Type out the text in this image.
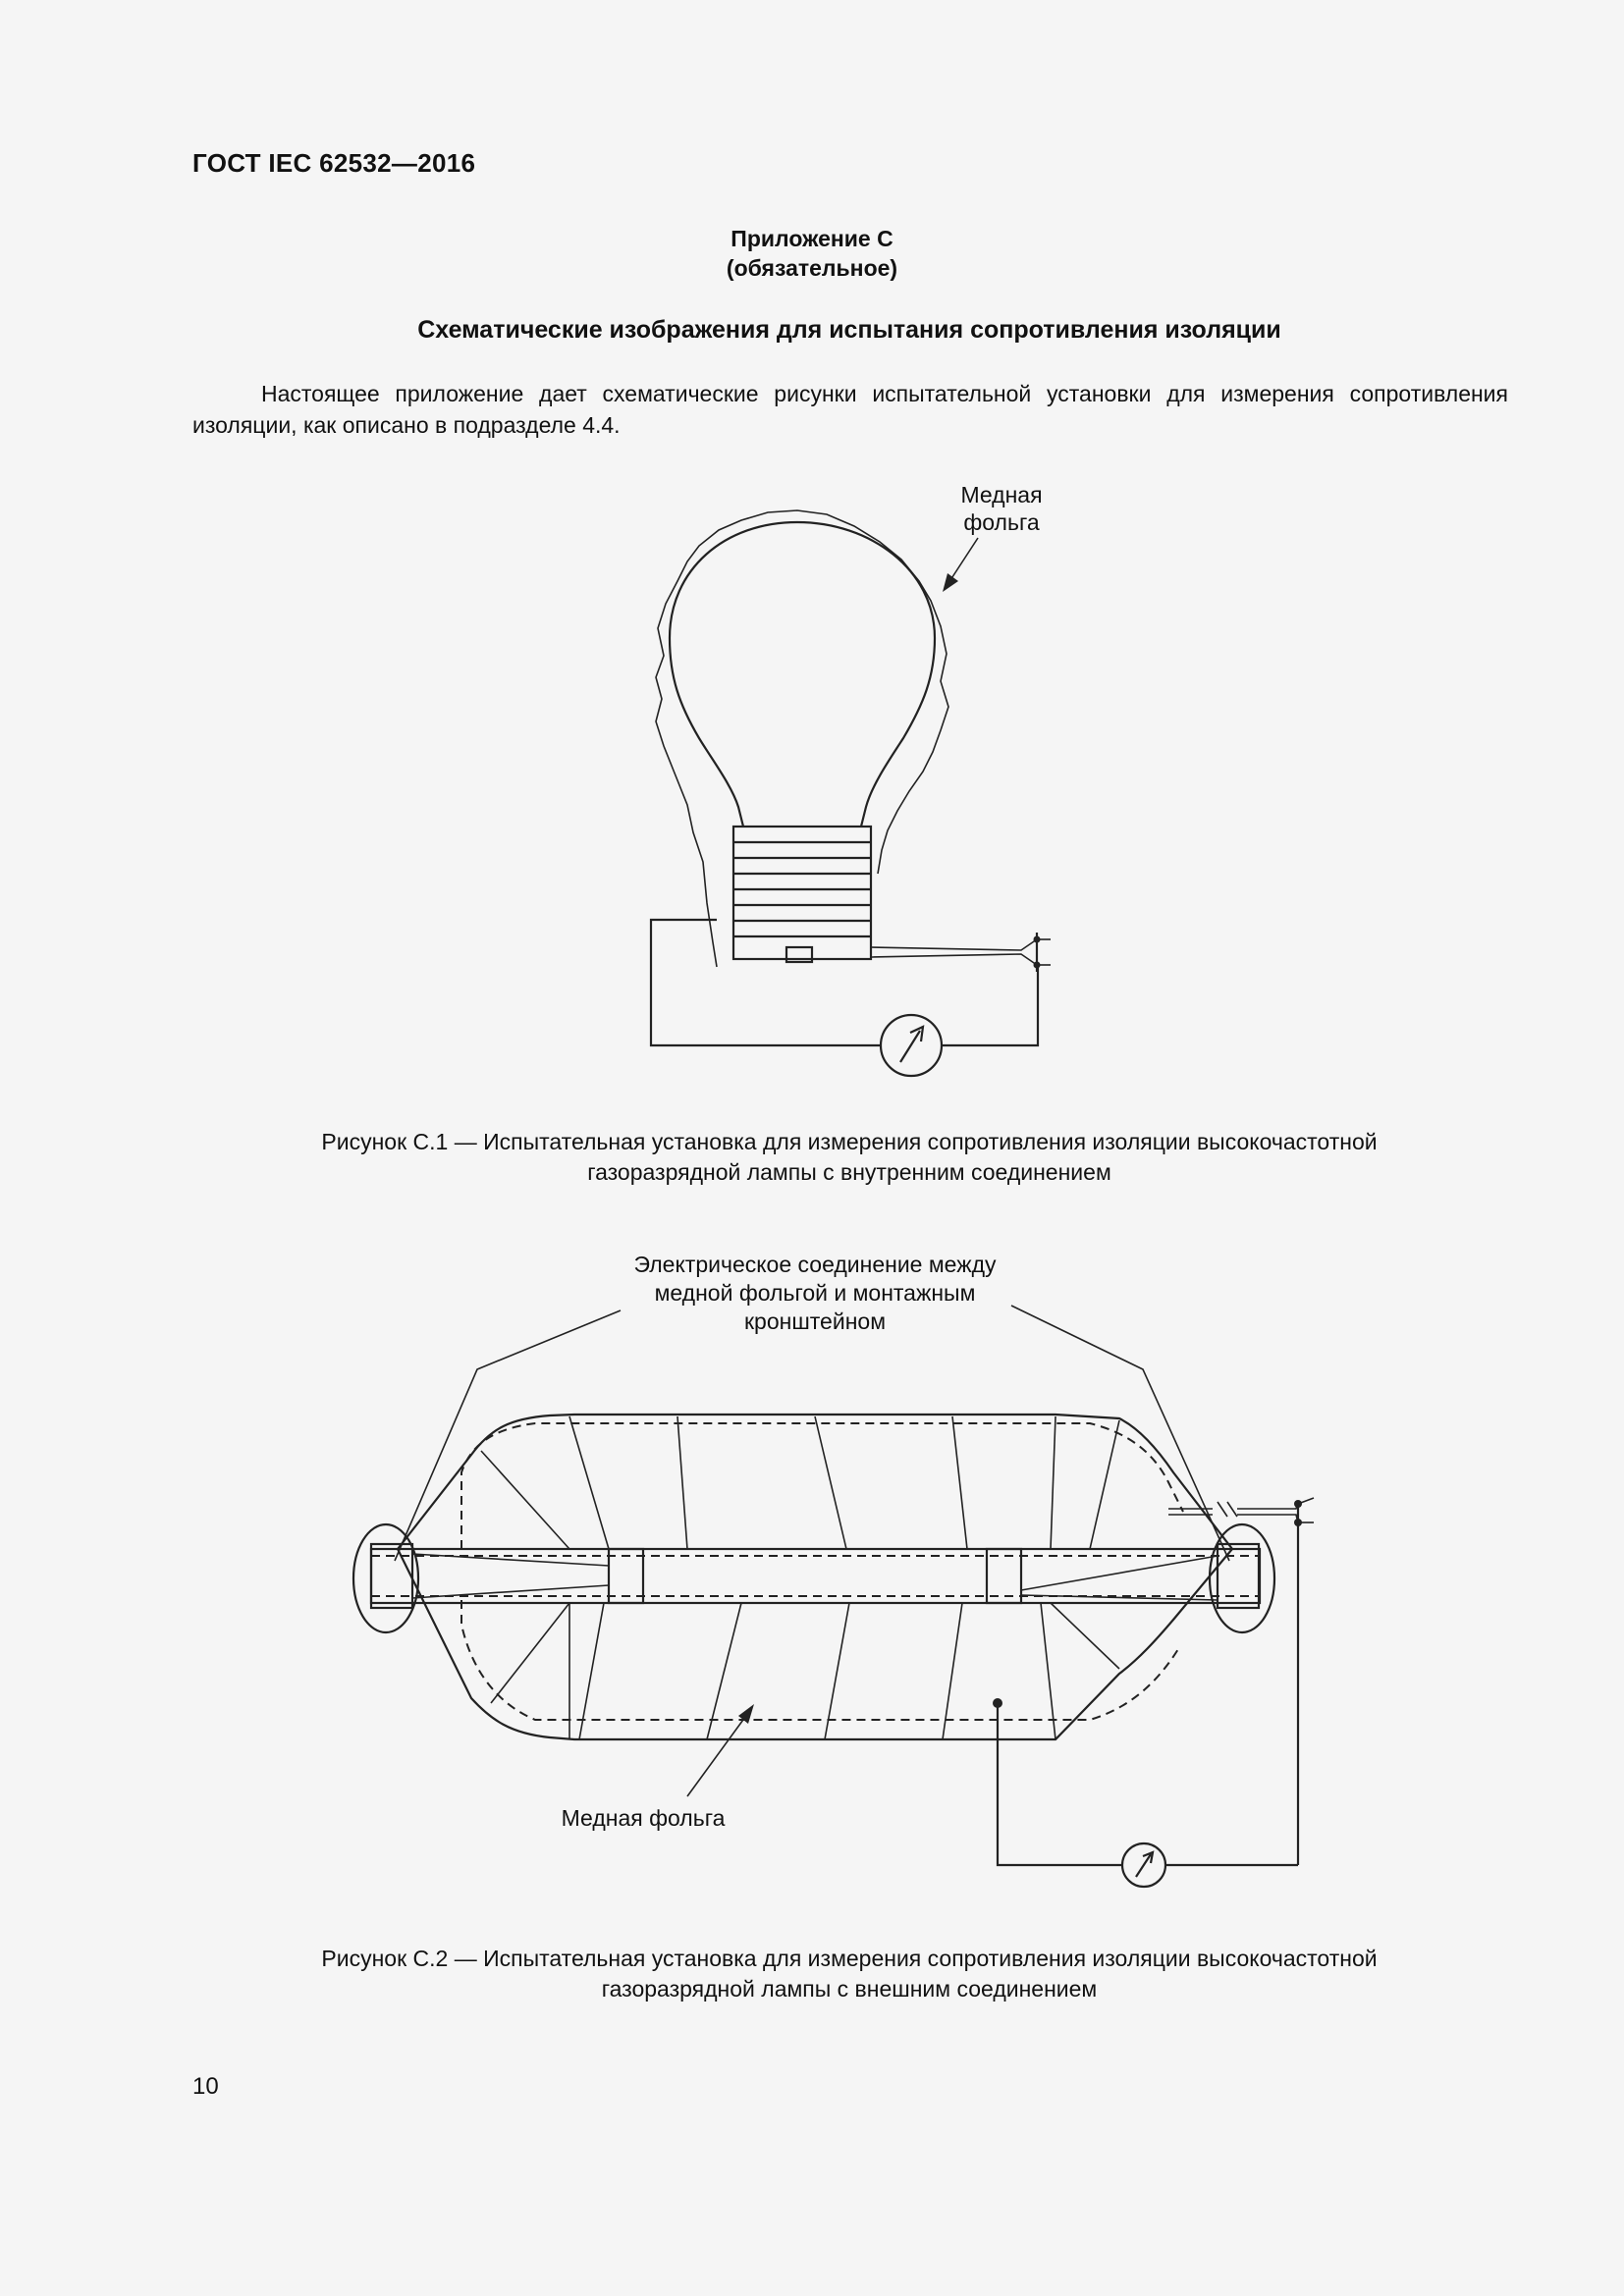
ГОСТ IEC 62532—2016
Приложение С
(обязательное)
Схематические изображения для испытания сопротивления изоляции
Настоящее приложение дает схематические рисунки испытательной установки для измерения сопротивления изоляции, как описано в подразделе 4.4.
Медная
фольга
Рисунок С.1 — Испытательная установка для измерения сопротивления изоляции высокочастотной
газоразрядной лампы с внутренним соединением
Электрическое соединение между
медной фольгой и монтажным
кронштейном
Медная фольга
Рисунок С.2 — Испытательная установка для измерения сопротивления изоляции высокочастотной
газоразрядной лампы с внешним соединением
10
